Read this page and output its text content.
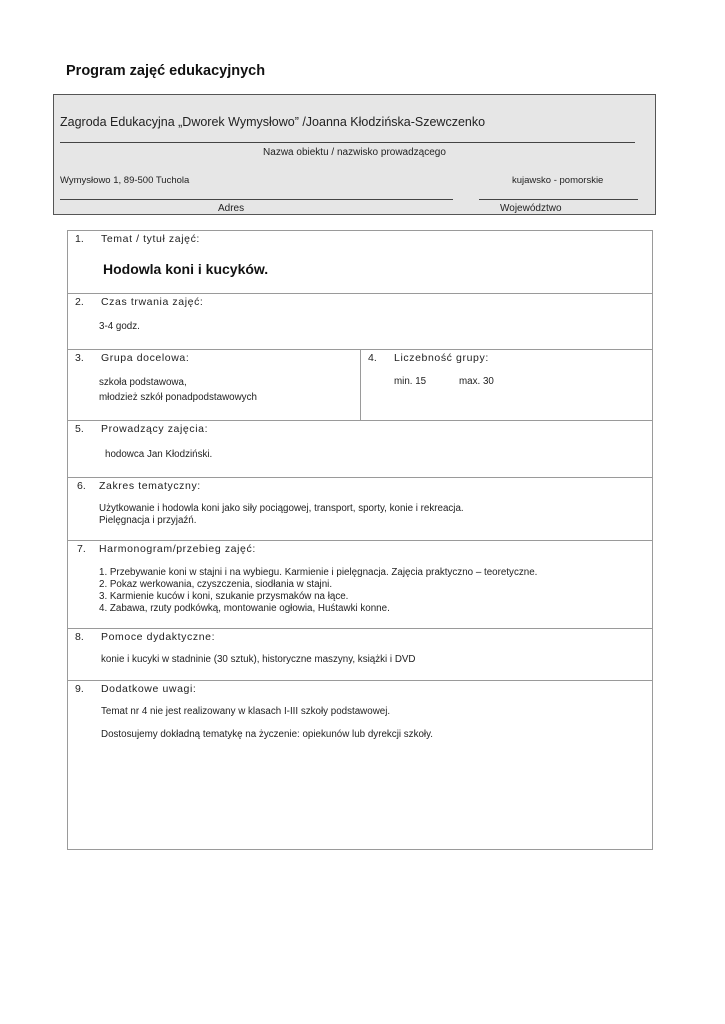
Program zajęć edukacyjnych
Zagroda Edukacyjna „Dworek Wymysłowo” /Joanna Kłodzińska-Szewczenko
Nazwa obiektu / nazwisko prowadzącego
Wymysłowo 1, 89-500 Tuchola	kujawsko - pomorskie
Adres	Województwo
1. Temat / tytuł zajęć:
Hodowla koni i kucyków.
2. Czas trwania zajęć:
3-4 godz.
3. Grupa docelowa:
szkoła podstawowa,
młodzież szkół ponadpodstawowych
4. Liczebność grupy:
min. 15	max. 30
5. Prowadzący zajęcia:
hodowca Jan Kłodziński.
6. Zakres tematyczny:
Użytkowanie i hodowla koni jako siły pociągowej, transport, sporty, konie i rekreacja.
Pielęgnacja i przyjaźń.
7. Harmonogram/przebieg zajęć:
1. Przebywanie koni w stajni i na wybiegu. Karmienie i pielęgnacja. Zajęcia praktyczno – teoretyczne.
2. Pokaz werkowania, czyszczenia, siodłania w stajni.
3. Karmienie kuców i koni, szukanie przysmaków na łące.
4. Zabawa, rzuty podkówką, montowanie ogłowia, Huśtawki konne.
8. Pomoce dydaktyczne:
konie i kucyki w stadninie (30 sztuk), historyczne maszyny, książki i DVD
9. Dodatkowe uwagi:
Temat nr 4 nie jest realizowany w klasach I-III szkoły podstawowej.
Dostosujemy dokładną tematykę na życzenie: opiekunów lub dyrekcji szkoły.
